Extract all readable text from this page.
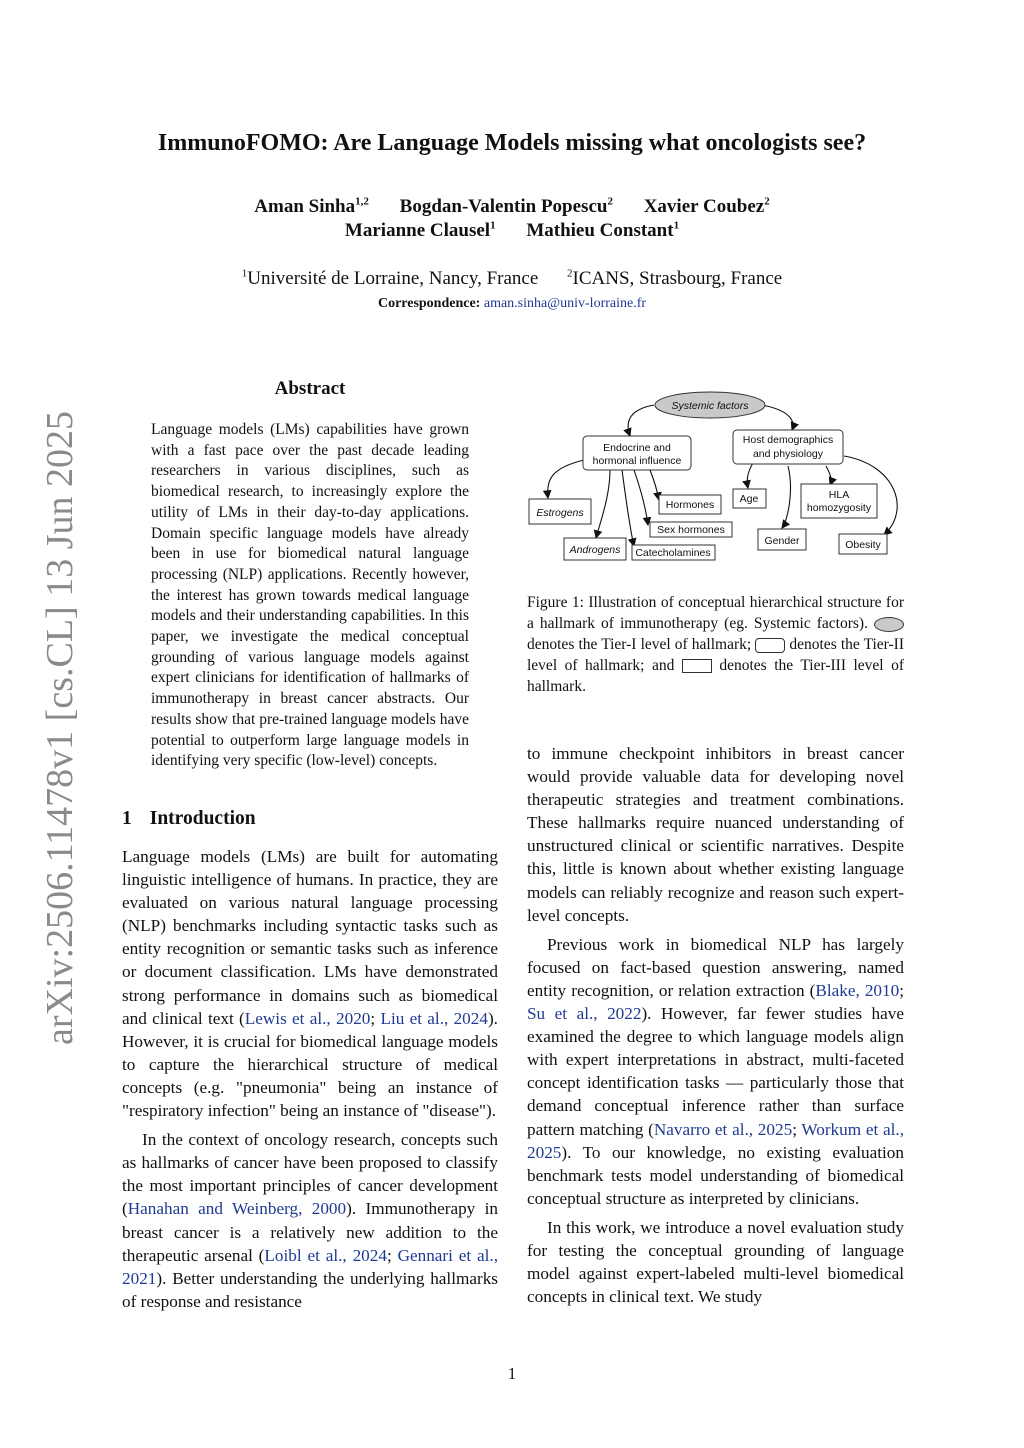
arXiv:2506.11478v1 [cs.CL] 13 Jun 2025
ImmunoFOMO: Are Language Models missing what oncologists see?
Aman Sinha$^{1,2}$ Bogdan-Valentin Popescu$^2$ Xavier Coubez$^2$
Marianne Clausel$^1$ Mathieu Constant$^1$
$^1$Université de Lorraine, Nancy, France	$^2$ICANS, Strasbourg, France
Correspondence: aman.sinha@univ-lorraine.fr
Abstract
Language models (LMs) capabilities have grown with a fast pace over the past decade leading researchers in various disciplines, such as biomedical research, to increasingly explore the utility of LMs in their day-to-day applications. Domain specific language models have already been in use for biomedical natural language processing (NLP) applications. Recently however, the interest has grown towards medical language models and their understanding capabilities. In this paper, we investigate the medical conceptual grounding of various language models against expert clinicians for identification of hallmarks of immunotherapy in breast cancer abstracts. Our results show that pre-trained language models have potential to outperform large language models in identifying very specific (low-level) concepts.
1 Introduction

Language models (LMs) are built for automating linguistic intelligence of humans. In practice, they are evaluated on various natural language processing (NLP) benchmarks including syntactic tasks such as entity recognition or semantic tasks such as inference or document classification. LMs have demonstrated strong performance in domains such as biomedical and clinical text (Lewis et al., 2020; Liu et al., 2024). However, it is crucial for biomedical language models to capture the hierarchical structure of medical concepts (e.g. "pneumonia" being an instance of "respiratory infection" being an instance of "disease").

In the context of oncology research, concepts such as hallmarks of cancer have been proposed to classify the most important principles of cancer development (Hanahan and Weinberg, 2000). Immunotherapy in breast cancer is a relatively new addition to the therapeutic arsenal (Loibl et al., 2024; Gennari et al., 2021). Better understanding the underlying hallmarks of response and resistance

Systemic factors
Endocrine and
hormonal influence
Host demographics
and physiology
Estrogens
Androgens
Hormones
Sex hormones
Catecholamines
Age	HLA
homozygosity
Gender	Obesity
Figure 1: Illustration of conceptual hierarchical structure for a hallmark of immunotherapy (eg. Systemic factors).  denotes the Tier-I level of hallmark; denotes the Tier-II level of hallmark; and	denotes the Tier-III level of hallmark.

to immune checkpoint inhibitors in breast cancer would provide valuable data for developing novel therapeutic strategies and treatment combinations. These hallmarks require nuanced understanding of unstructured clinical or scientific narratives. Despite this, little is known about whether existing language models can reliably recognize and reason such expert-level concepts.

Previous work in biomedical NLP has largely focused on fact-based question answering, named entity recognition, or relation extraction (Blake, 2010; Su et al., 2022). However, far fewer studies have examined the degree to which language models align with expert interpretations in abstract, multi-faceted concept identification tasks — particularly those that demand conceptual inference rather than surface pattern matching (Navarro et al., 2025; Workum et al., 2025). To our knowledge, no existing evaluation benchmark tests model understanding of biomedical conceptual structure as interpreted by clinicians.

In this work, we introduce a novel evaluation study for testing the conceptual grounding of language model against expert-labeled multi-level biomedical concepts in clinical text. We study

1
